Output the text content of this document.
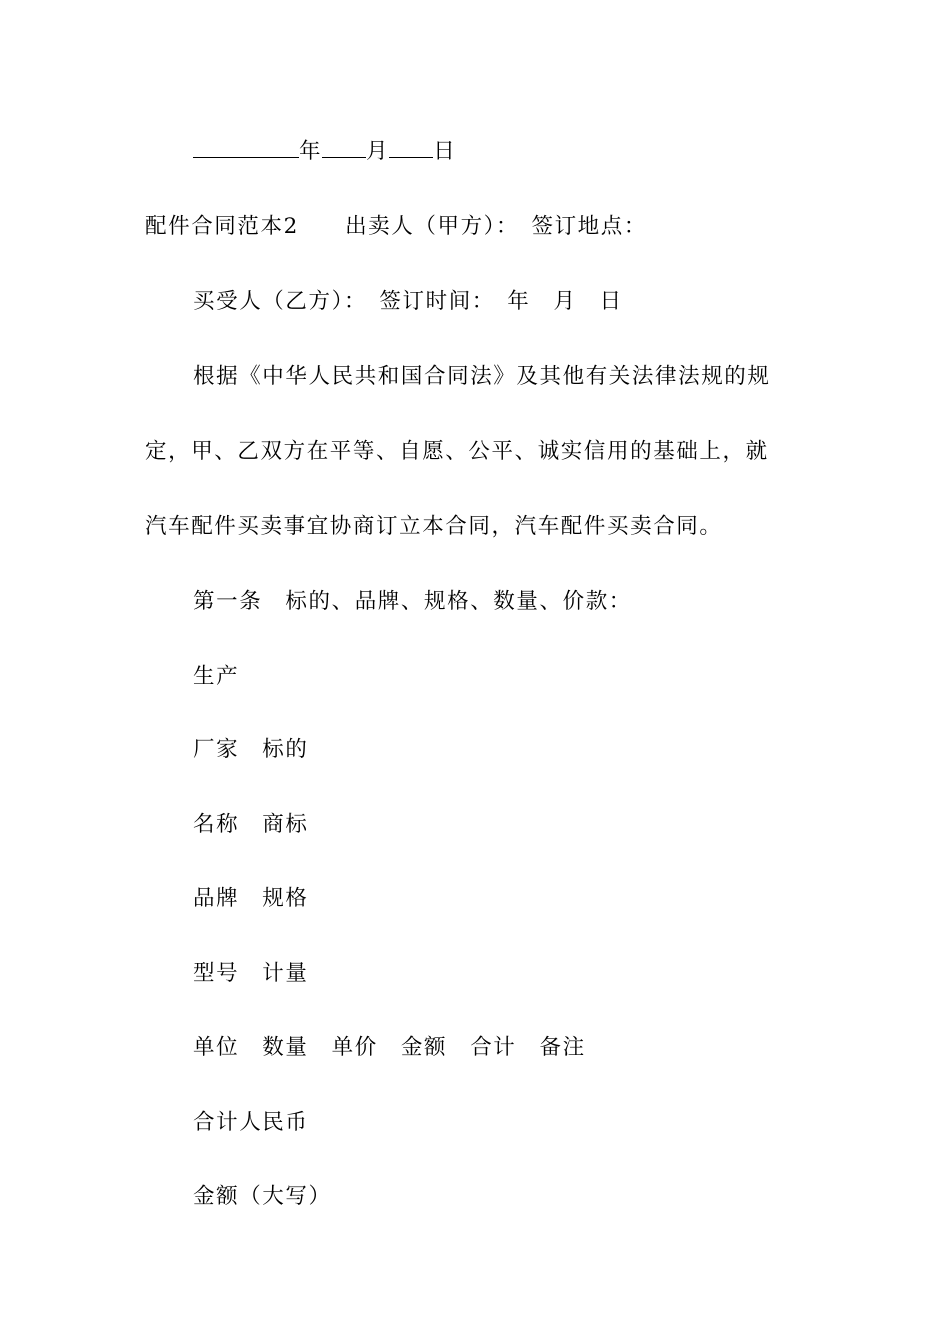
年 月 日
配件合同范本2　　出卖人（甲方）：　签订地点：
买受人（乙方）：　签订时间：　年　月　日
根据《中华人民共和国合同法》及其他有关法律法规的规
定，甲、乙双方在平等、自愿、公平、诚实信用的基础上，就
汽车配件买卖事宜协商订立本合同，汽车配件买卖合同。
第一条　标的、品牌、规格、数量、价款：
生产
厂家　标的
名称　商标
品牌　规格
型号　计量
单位　数量　单价　金额　合计　备注
合计人民币
金额（大写）
